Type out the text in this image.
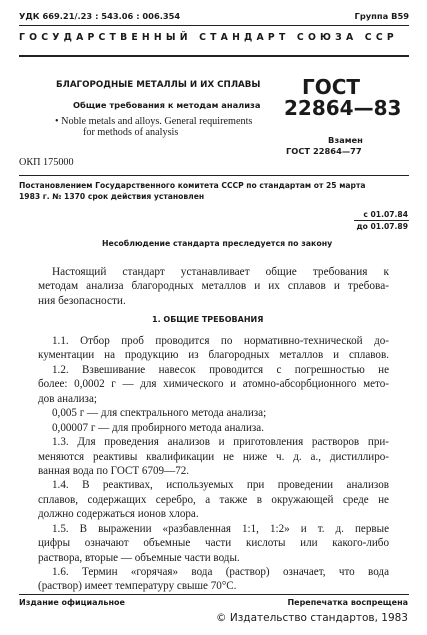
УДК 669.21/.23 : 543.06 : 006.354	Группа В59
ГОСУДАРСТВЕННЫЙ СТАНДАРТ СОЮЗА ССР
БЛАГОРОДНЫЕ МЕТАЛЛЫ И ИХ СПЛАВЫ
Общие требования к методам анализа
• Noble metals and alloys. General requirements
for methods of analysis
ГОСТ
22864—83
Взамен
ГОСТ 22864—77
ОКП 175000
Постановлением Государственного комитета СССР по стандартам от 25 марта
1983 г. № 1370 срок действия установлен
с 01.07.84
до 01.07.89
Несоблюдение стандарта преследуется по закону
Настоящий стандарт устанавливает общие требования к
методам анализа благородных металлов и их сплавов и требова-
ния безопасности.
1. ОБЩИЕ ТРЕБОВАНИЯ
1.1. Отбор проб проводится по нормативно-технической до-
кументации на продукцию из благородных металлов и сплавов.
1.2. Взвешивание навесок проводится с погрешностью не
более: 0,0002 г — для химического и атомно-абсорбционного мето-
дов анализа;
0,005 г — для спектрального метода анализа;
0,00007 г — для пробирного метода анализа.
1.3. Для проведения анализов и приготовления растворов при-
меняются реактивы квалификации не ниже ч. д. а., дистиллиро-
ванная вода по ГОСТ 6709—72.
1.4. В реактивах, используемых при проведении анализов
сплавов, содержащих серебро, а также в окружающей среде не
должно содержаться ионов хлора.
1.5. В выражении «разбавленная 1:1, 1:2» и т. д. первые
цифры означают объемные части кислоты или какого-либо
раствора, вторые — объемные части воды.
1.6. Термин «горячая» вода (раствор) означает, что вода
(раствор) имеет температуру свыше 70°С.
Издание официальное	Перепечатка воспрещена
© Издательство стандартов, 1983
